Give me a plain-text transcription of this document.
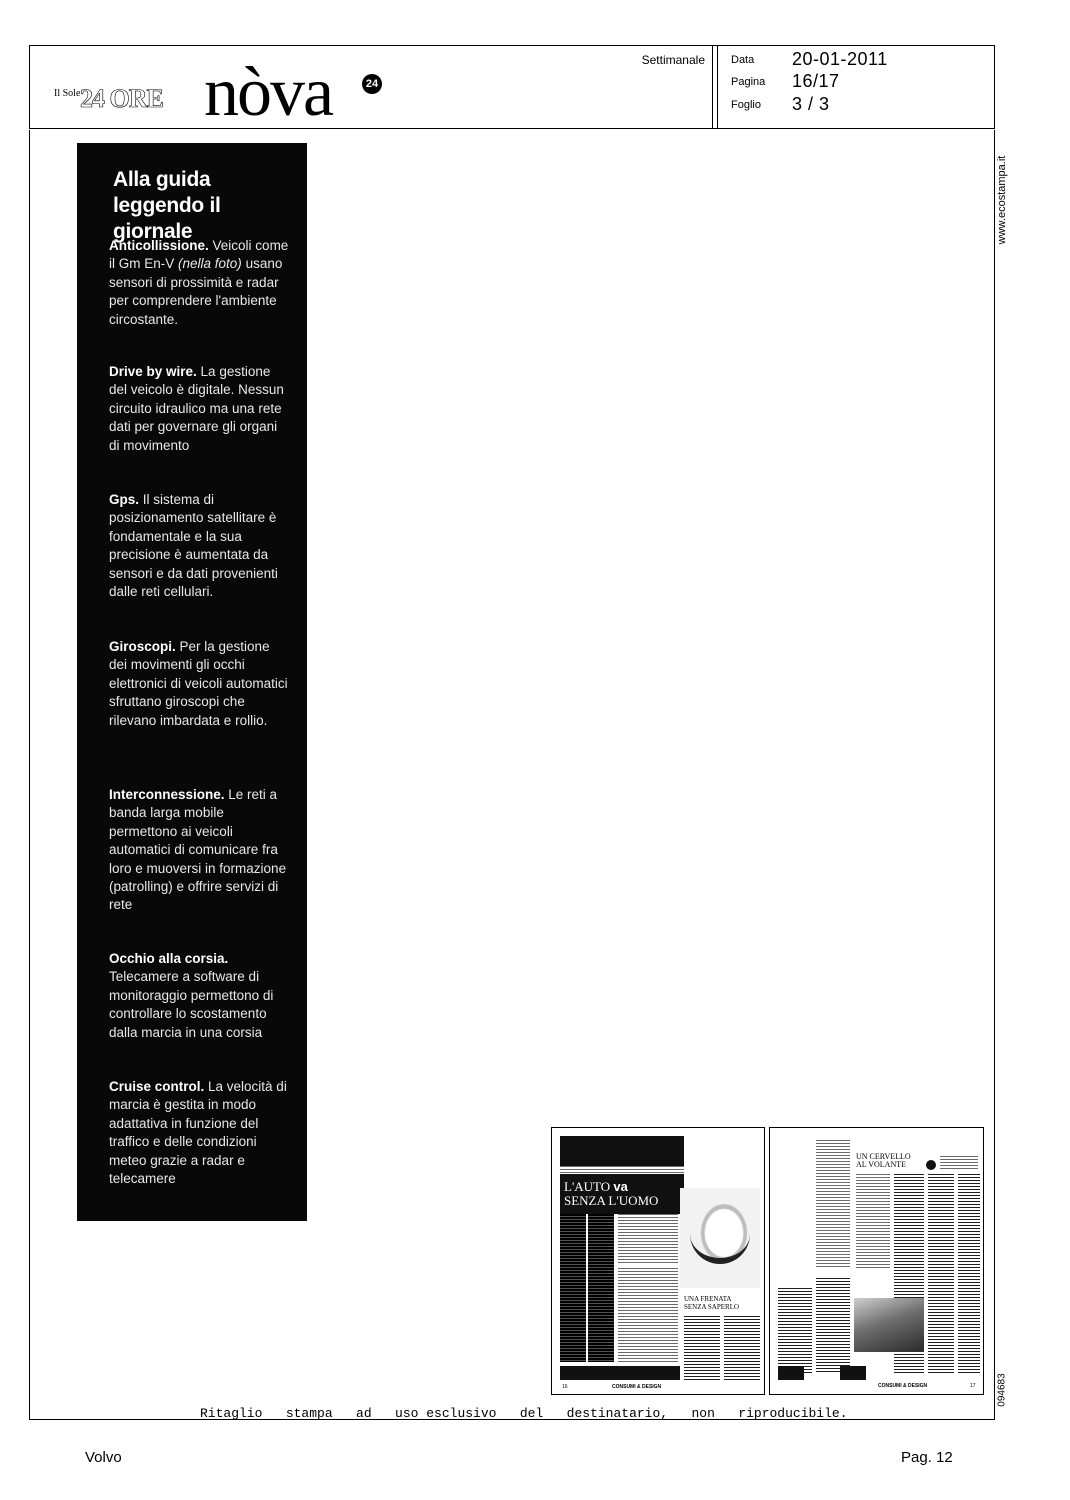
Il Sole 24 ORE nòva	24
Settimanale Data 20-01-2011
Pagina 16/17
Foglio 3 / 3
www.ecostampa.it
094683
Alla guida leggendo il giornale
Anticollissione. Veicoli come il Gm En-V (nella foto) usano sensori di prossimità e radar per comprendere l'ambiente circostante.
Drive by wire. La gestione del veicolo è digitale. Nessun circuito idraulico ma una rete dati per governare gli organi di movimento
Gps. Il sistema di posizionamento satellitare è fondamentale e la sua precisione è aumentata da sensori e da dati provenienti dalle reti cellulari.
Giroscopi. Per la gestione dei movimenti gli occhi elettronici di veicoli automatici sfruttano giroscopi che rilevano imbardata e rollio.
Interconnessione. Le reti a banda larga mobile permettono ai veicoli automatici di comunicare fra loro e muoversi in formazione (patrolling) e offrire servizi di rete
Occhio alla corsia. Telecamere a software di monitoraggio permettono di controllare lo scostamento dalla marcia in una corsia
Cruise control. La velocità di marcia è gestita in modo adattativa in funzione del traffico e delle condizioni meteo grazie a radar e telecamere
L'AUTO va
SENZA L'UOMO
UNA FRENATA
SENZA SAPERLO
16	CONSUMI & DESIGN
UN CERVELLO
AL VOLANTE
CONSUMI & DESIGN	17
Ritaglio   stampa   ad   uso esclusivo   del   destinatario,   non   riproducibile.
Volvo	Pag. 12
